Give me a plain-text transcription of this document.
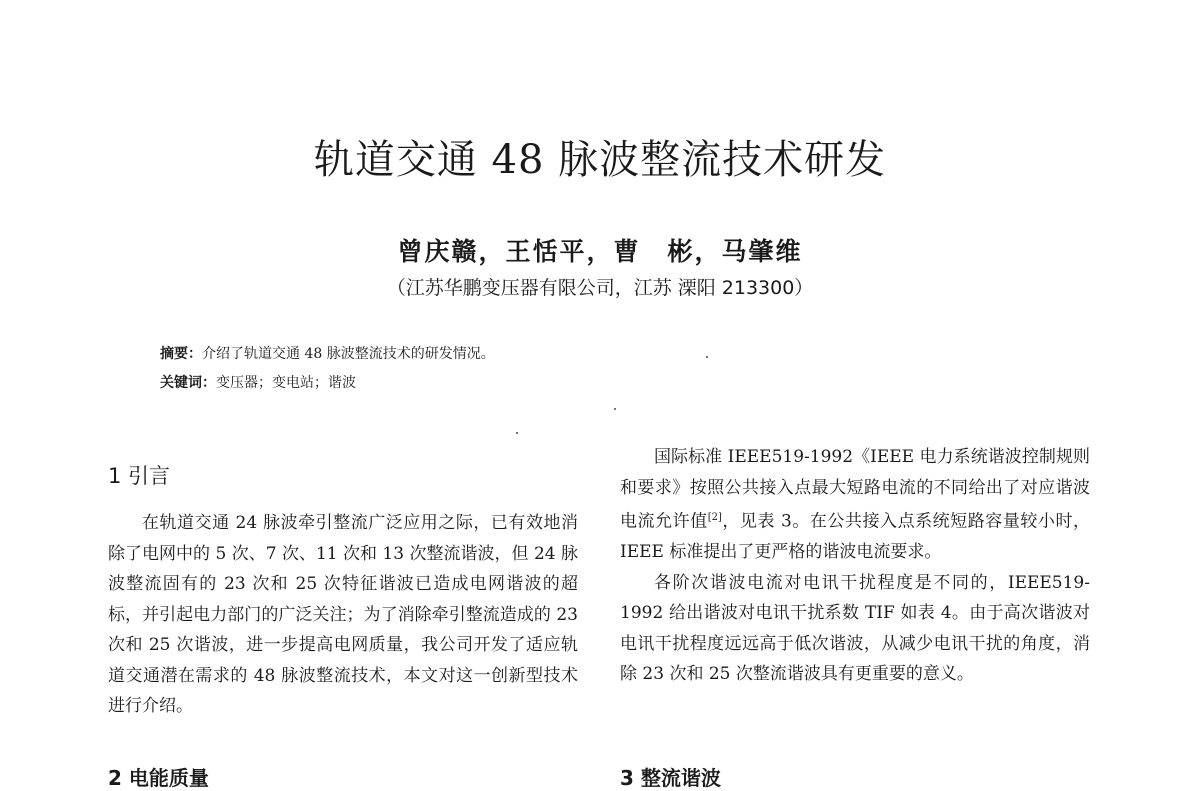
轨道交通 48 脉波整流技术研发
曾庆赣，王恬平，曹　彬，马肇维
（江苏华鹏变压器有限公司，江苏 溧阳 213300）
摘要：介绍了轨道交通 48 脉波整流技术的研发情况。
关键词：变压器；变电站；谐波
1 引言

在轨道交通 24 脉波牵引整流广泛应用之际，已有效地消除了电网中的 5 次、7 次、11 次和 13 次整流谐波，但 24 脉波整流固有的 23 次和 25 次特征谐波已造成电网谐波的超标，并引起电力部门的广泛关注；为了消除牵引整流造成的 23 次和 25 次谐波，进一步提高电网质量，我公司开发了适应轨道交通潜在需求的 48 脉波整流技术，本文对这一创新型技术进行介绍。

国际标准 IEEE519-1992《IEEE 电力系统谐波控制规则和要求》按照公共接入点最大短路电流的不同给出了对应谐波电流允许值[2]，见表 3。在公共接入点系统短路容量较小时，IEEE 标准提出了更严格的谐波电流要求。

各阶次谐波电流对电讯干扰程度是不同的，IEEE519-1992 给出谐波对电讯干扰系数 TIF 如表 4。由于高次谐波对电讯干扰程度远远高于低次谐波，从减少电讯干扰的角度，消除 23 次和 25 次整流谐波具有更重要的意义。

2 电能质量	3 整流谐波
